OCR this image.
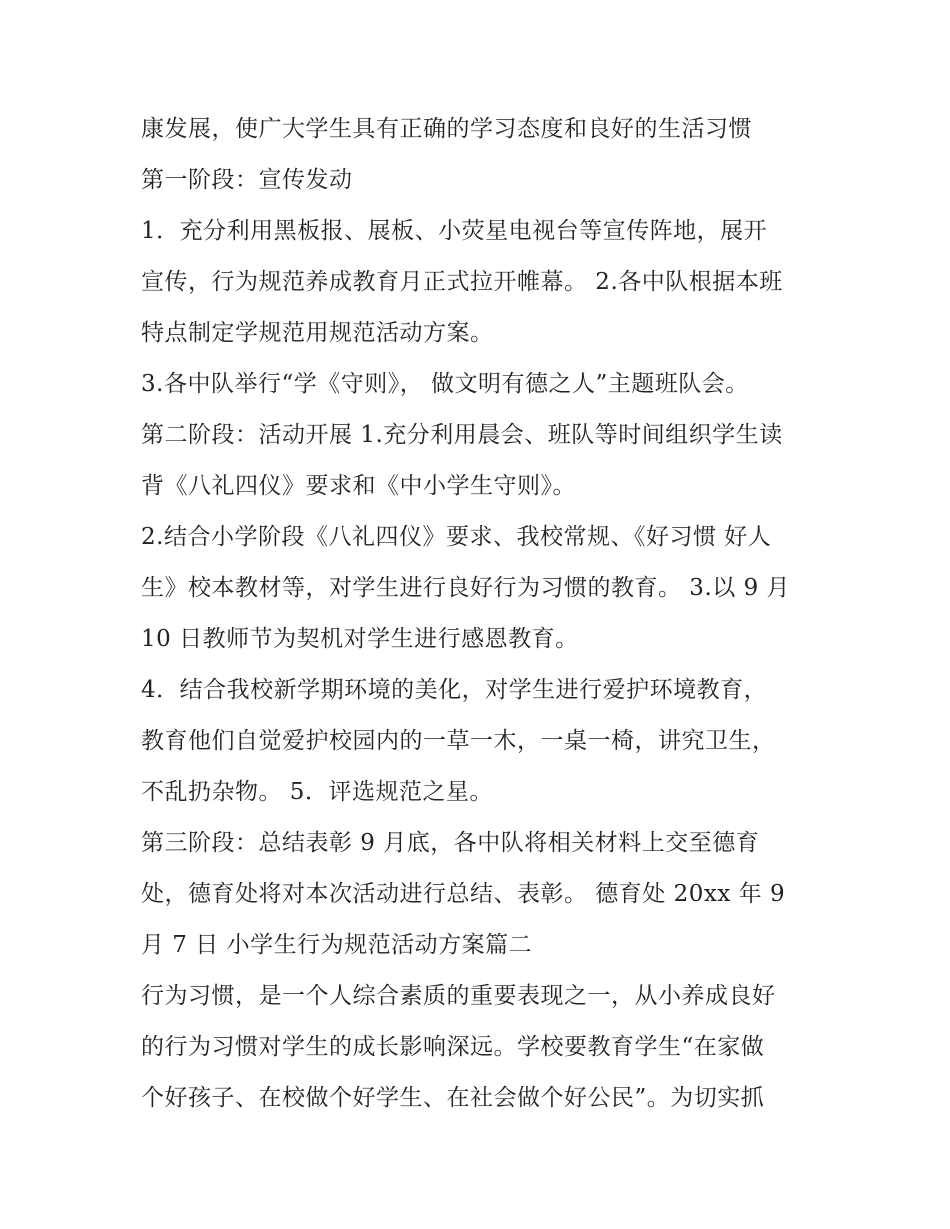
康发展，使广大学生具有正确的学习态度和良好的生活习惯
第一阶段：宣传发动
1．充分利用黑板报、展板、小荧星电视台等宣传阵地，展开
宣传，行为规范养成教育月正式拉开帷幕。 2.各中队根据本班
特点制定学规范用规范活动方案。
3.各中队举行“学《守则》， 做文明有德之人”主题班队会。
第二阶段：活动开展 1.充分利用晨会、班队等时间组织学生读
背《八礼四仪》要求和《中小学生守则》。
2.结合小学阶段《八礼四仪》要求、我校常规、《好习惯 好人
生》校本教材等，对学生进行良好行为习惯的教育。 3.以 9 月
10 日教师节为契机对学生进行感恩教育。
4．结合我校新学期环境的美化，对学生进行爱护环境教育，
教育他们自觉爱护校园内的一草一木，一桌一椅，讲究卫生，
不乱扔杂物。 5．评选规范之星。
第三阶段：总结表彰 9 月底，各中队将相关材料上交至德育
处，德育处将对本次活动进行总结、表彰。 德育处 20xx 年 9
月 7 日 小学生行为规范活动方案篇二
行为习惯，是一个人综合素质的重要表现之一，从小养成良好
的行为习惯对学生的成长影响深远。学校要教育学生“在家做
个好孩子、在校做个好学生、在社会做个好公民”。为切实抓
